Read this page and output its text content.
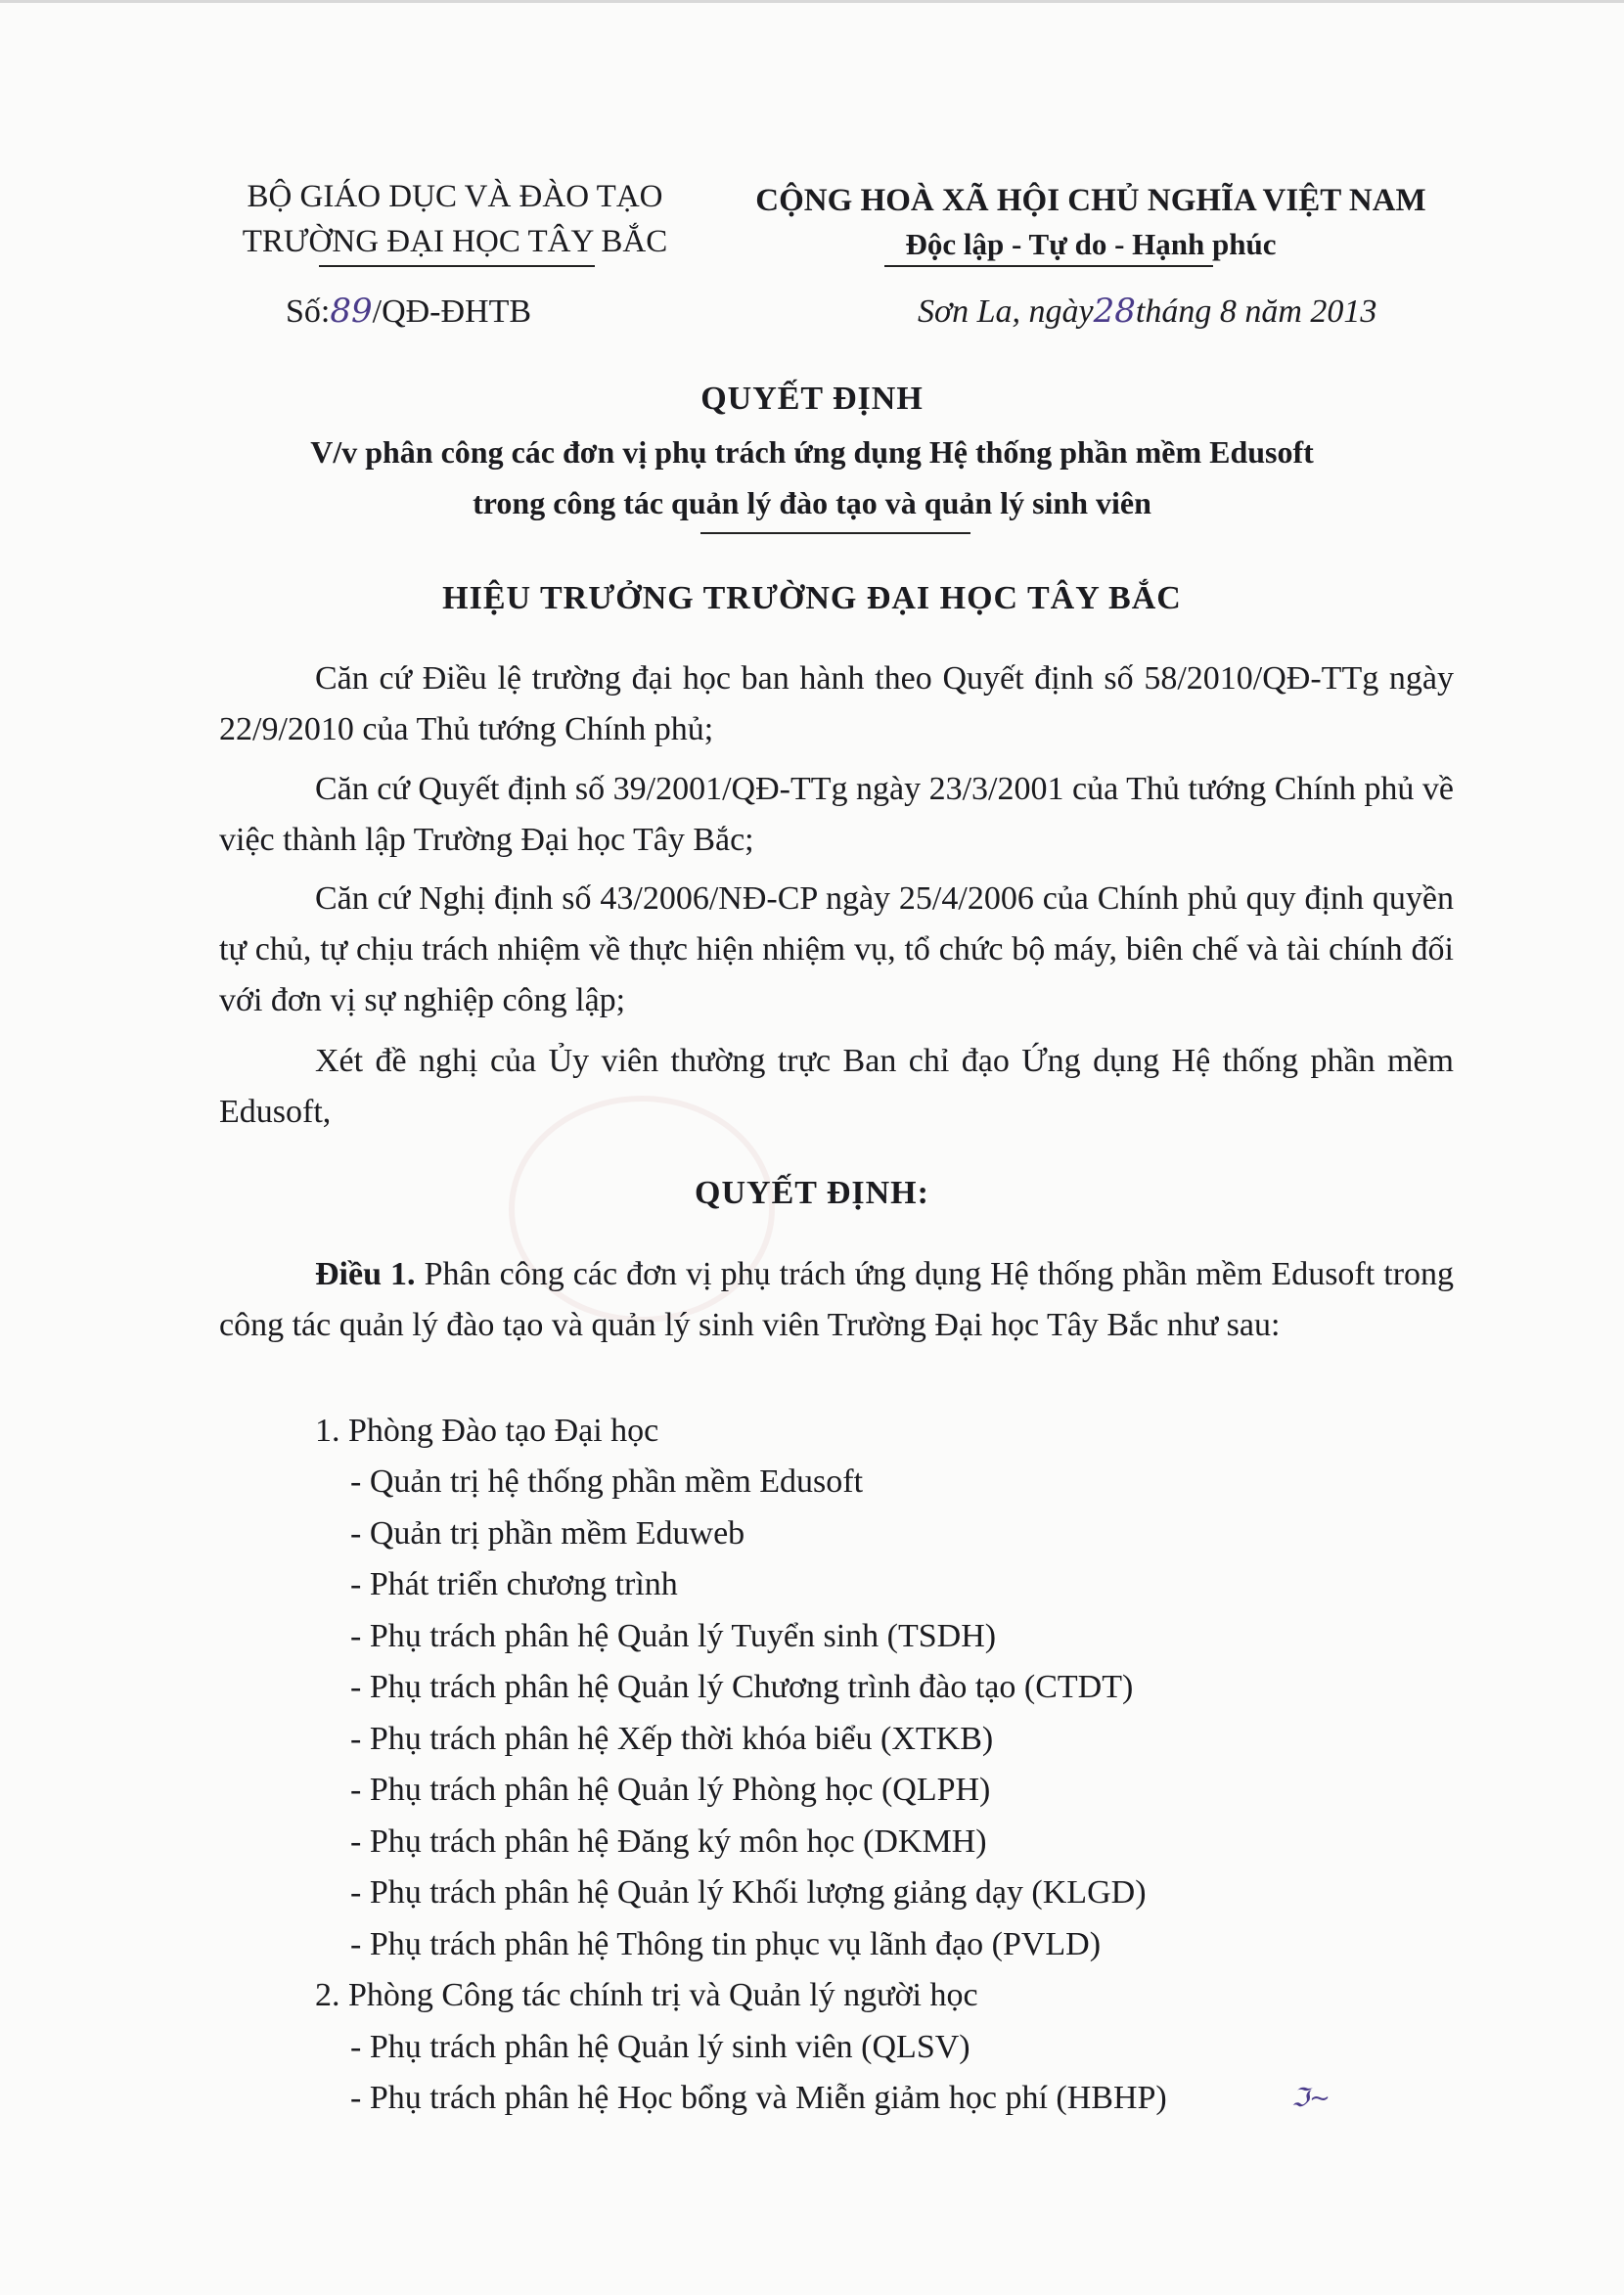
BỘ GIÁO DỤC VÀ ĐÀO TẠO
TRƯỜNG ĐẠI HỌC TÂY BẮC
CỘNG HOÀ XÃ HỘI CHỦ NGHĨA VIỆT NAM
Độc lập - Tự do - Hạnh phúc
Số:89/QĐ-ĐHTB	Sơn La, ngày28tháng 8 năm 2013
QUYẾT ĐỊNH
V/v phân công các đơn vị phụ trách ứng dụng Hệ thống phần mềm Edusoft
trong công tác quản lý đào tạo và quản lý sinh viên
HIỆU TRƯỞNG TRƯỜNG ĐẠI HỌC TÂY BẮC
Căn cứ Điều lệ trường đại học ban hành theo Quyết định số 58/2010/QĐ-TTg ngày 22/9/2010 của Thủ tướng Chính phủ;
Căn cứ Quyết định số 39/2001/QĐ-TTg ngày 23/3/2001 của Thủ tướng Chính phủ về việc thành lập Trường Đại học Tây Bắc;
Căn cứ Nghị định số 43/2006/NĐ-CP ngày 25/4/2006 của Chính phủ quy định quyền tự chủ, tự chịu trách nhiệm về thực hiện nhiệm vụ, tổ chức bộ máy, biên chế và tài chính đối với đơn vị sự nghiệp công lập;
Xét đề nghị của Ủy viên thường trực Ban chỉ đạo Ứng dụng Hệ thống phần mềm Edusoft,
QUYẾT ĐỊNH:
Điều 1. Phân công các đơn vị phụ trách ứng dụng Hệ thống phần mềm Edusoft trong công tác quản lý đào tạo và quản lý sinh viên Trường Đại học Tây Bắc như sau:
1. Phòng Đào tạo Đại học
- Quản trị hệ thống phần mềm Edusoft
- Quản trị phần mềm Eduweb
- Phát triển chương trình
- Phụ trách phân hệ Quản lý Tuyển sinh (TSDH)
- Phụ trách phân hệ Quản lý Chương trình đào tạo (CTDT)
- Phụ trách phân hệ Xếp thời khóa biểu (XTKB)
- Phụ trách phân hệ Quản lý Phòng học (QLPH)
- Phụ trách phân hệ Đăng ký môn học (DKMH)
- Phụ trách phân hệ Quản lý Khối lượng giảng dạy (KLGD)
- Phụ trách phân hệ Thông tin phục vụ lãnh đạo (PVLD)
2. Phòng Công tác chính trị và Quản lý người học
- Phụ trách phân hệ Quản lý sinh viên (QLSV)
- Phụ trách phân hệ Học bổng và Miễn giảm học phí (HBHP)	ℑ~
